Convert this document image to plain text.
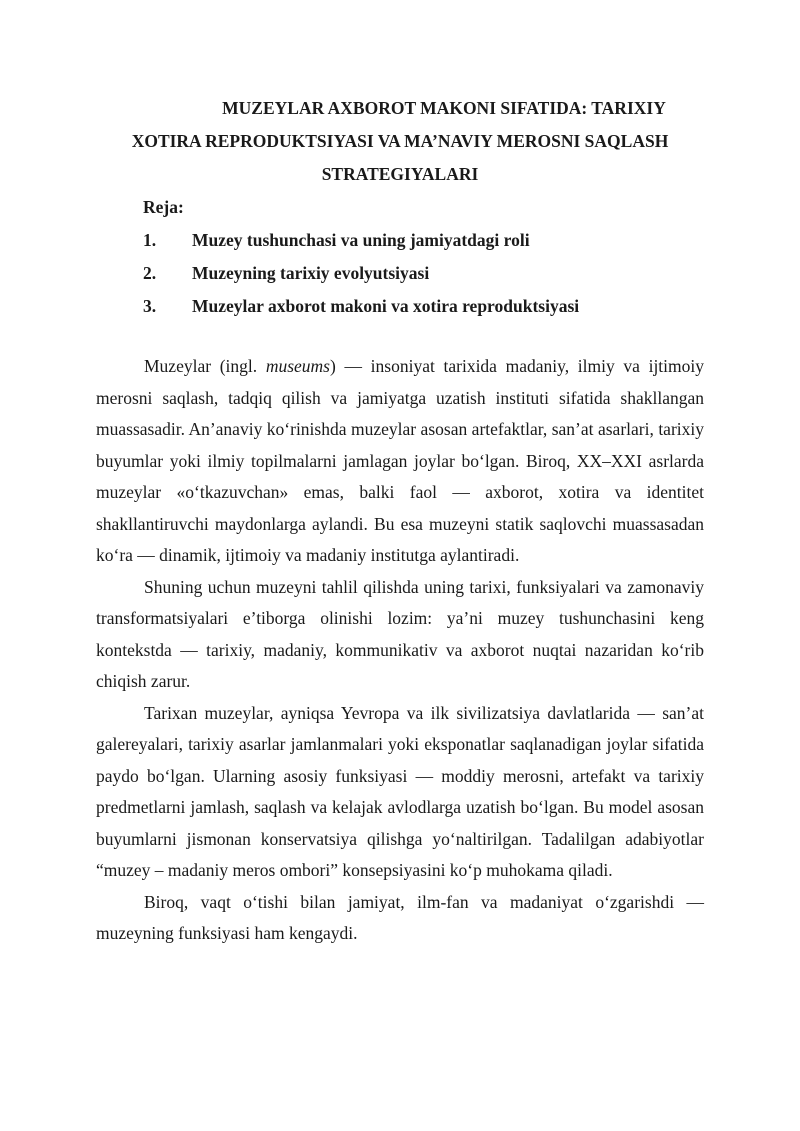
MUZEYLAR AXBOROT MAKONI SIFATIDA: TARIXIY
XOTIRA REPRODUKTSIYASI VA MA’NAVIY MEROSNI SAQLASH
STRATEGIYALARI
Reja:
1.	Muzey tushunchasi va uning jamiyatdagi roli
2.	Muzeyning tarixiy evolyutsiyasi
3.	Muzeylar axborot makoni va xotira reproduktsiyasi

Muzeylar (ingl. museums) — insoniyat tarixida madaniy, ilmiy va ijtimoiy merosni saqlash, tadqiq qilish va jamiyatga uzatish instituti sifatida shakllangan muassasadir. An’anaviy koʻrinishda muzeylar asosan artefaktlar, san’at asarlari, tarixiy buyumlar yoki ilmiy topilmalarni jamlagan joylar boʻlgan. Biroq, XX–XXI asrlarda muzeylar «oʻtkazuvchan» emas, balki faol — axborot, xotira va identitet shakllantiruvchi maydonlarga aylandi. Bu esa muzeyni statik saqlovchi muassasadan koʻra — dinamik, ijtimoiy va madaniy institutga aylantiradi.

Shuning uchun muzeyni tahlil qilishda uning tarixi, funksiyalari va zamonaviy transformatsiyalari e’tiborga olinishi lozim: ya’ni muzey tushunchasini keng kontekstda — tarixiy, madaniy, kommunikativ va axborot nuqtai nazaridan koʻrib chiqish zarur.

Tarixan muzeylar, ayniqsa Yevropa va ilk sivilizatsiya davlatlarida — san’at galereyalari, tarixiy asarlar jamlanmalari yoki eksponatlar saqlanadigan joylar sifatida paydo boʻlgan. Ularning asosiy funksiyasi — moddiy merosni, artefakt va tarixiy predmetlarni jamlash, saqlash va kelajak avlodlarga uzatish boʻlgan. Bu model asosan buyumlarni jismonan konservatsiya qilishga yoʻnaltirilgan. Tadalilgan adabiyotlar “muzey – madaniy meros ombori” konsepsiyasini koʻp muhokama qiladi.

Biroq, vaqt oʻtishi bilan jamiyat, ilm-fan va madaniyat oʻzgarishdi — muzeyning funksiyasi ham kengaydi.
